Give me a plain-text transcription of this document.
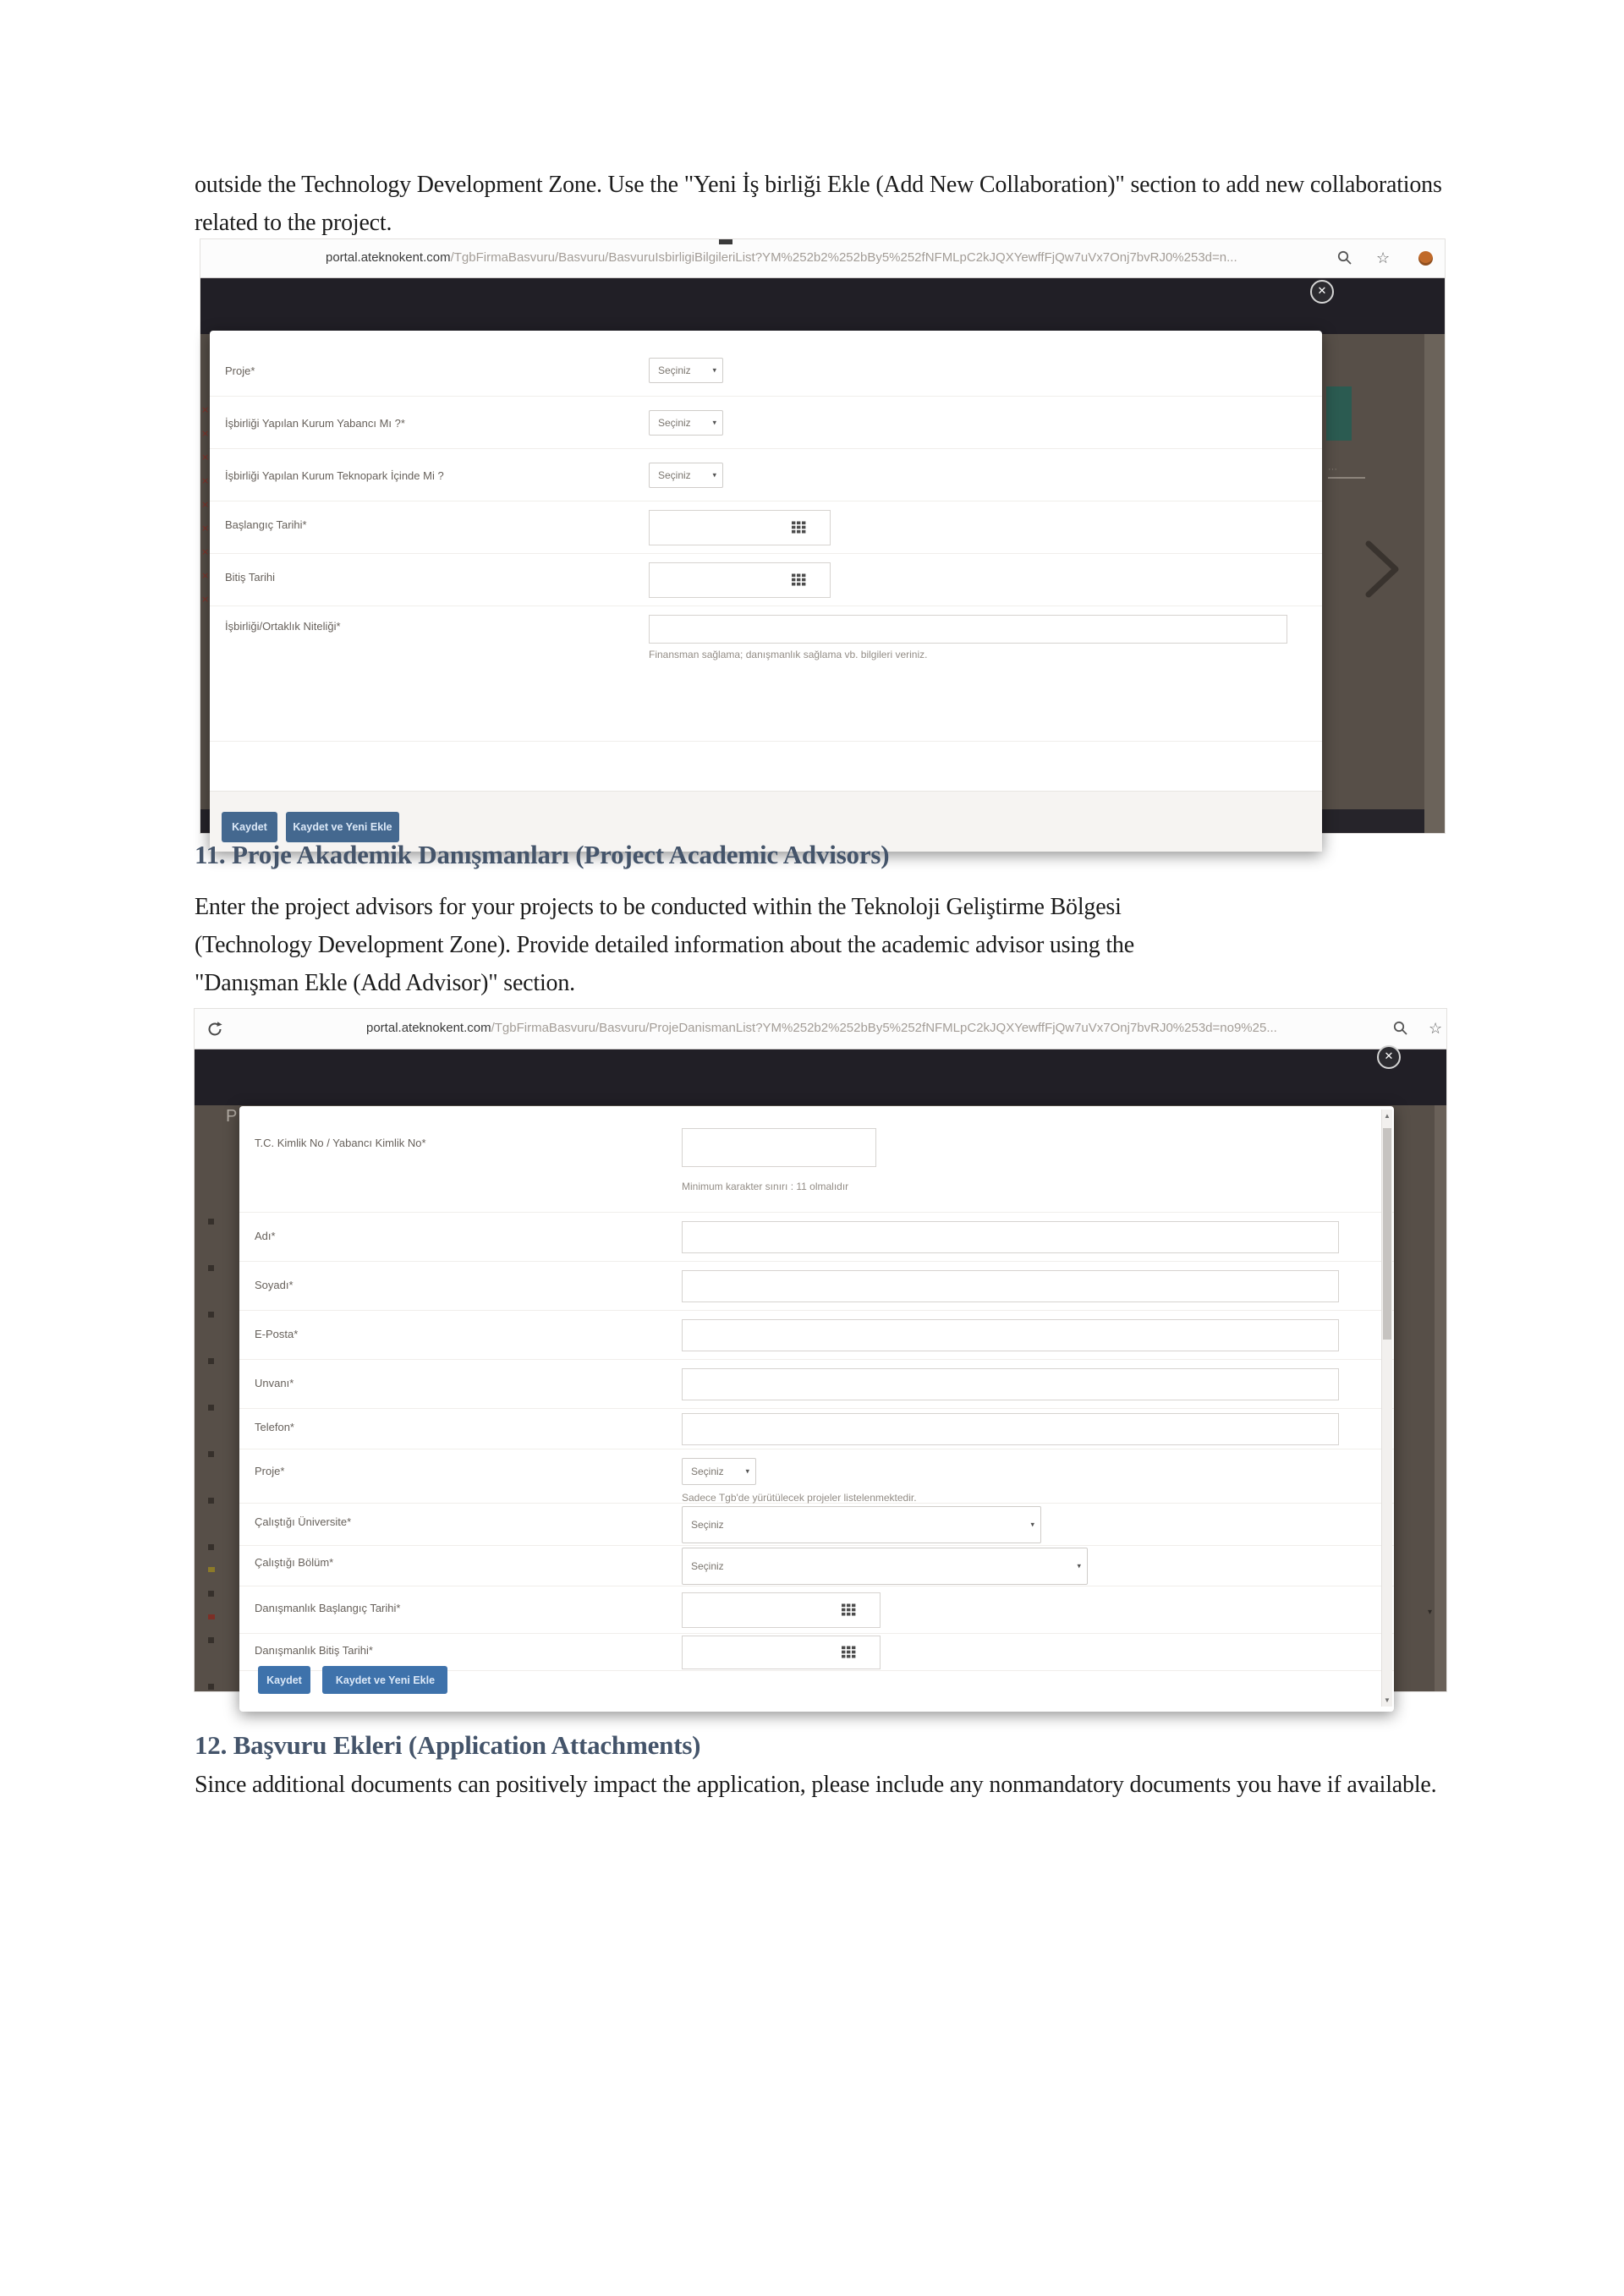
outside the Technology Development Zone. Use the "Yeni İş birliği Ekle (Add New Collaboration)" section to add new collaborations related to the project.
portal.ateknokent.com/TgbFirmaBasvuru/Basvuru/BasvuruIsbirligiBilgileriList?YM%252b2%252bBy5%252fNFMLpC2kJQXYewffFjQw7uVx7Onj7bvRJ0%253d=n...	☆
···
×
×
×
×
×
×
×
×
×
Proje*	Seçiniz	▾
İşbirliği Yapılan Kurum Yabancı Mı ?*	Seçiniz	▾
İşbirliği Yapılan Kurum Teknopark İçinde Mi ?	Seçiniz	▾
Başlangıç Tarihi*
Bitiş Tarihi
İşbirliği/Ortaklık Niteliği*
Finansman sağlama; danışmanlık sağlama vb. bilgileri veriniz.
Kaydet	Kaydet ve Yeni Ekle
✕
11. Proje Akademik Danışmanları (Project Academic Advisors)
Enter the project advisors for your projects to be conducted within the Teknoloji Geliştirme Bölgesi (Technology Development Zone). Provide detailed information about the academic advisor using the "Danışman Ekle (Add Advisor)" section.
portal.ateknokent.com/TgbFirmaBasvuru/Basvuru/ProjeDanismanList?YM%252b2%252bBy5%252fNFMLpC2kJQXYewffFjQw7uVx7Onj7bvRJ0%253d=no9%25...	☆
P
▾
T.C. Kimlik No / Yabancı Kimlik No*
Minimum karakter sınırı : 11 olmalıdır
Adı*
Soyadı*
E-Posta*
Unvanı*
Telefon*
Proje*	Seçiniz	▾
Sadece Tgb'de yürütülecek projeler listelenmektedir.
Çalıştığı Üniversite*	Seçiniz	▾
Çalıştığı Bölüm*	Seçiniz	▾
Danışmanlık Başlangıç Tarihi*
Danışmanlık Bitiş Tarihi*
Kaydet	Kaydet ve Yeni Ekle
▲
▼
✕
12. Başvuru Ekleri (Application Attachments)
Since additional documents can positively impact the application, please include any nonmandatory documents you have if available.
